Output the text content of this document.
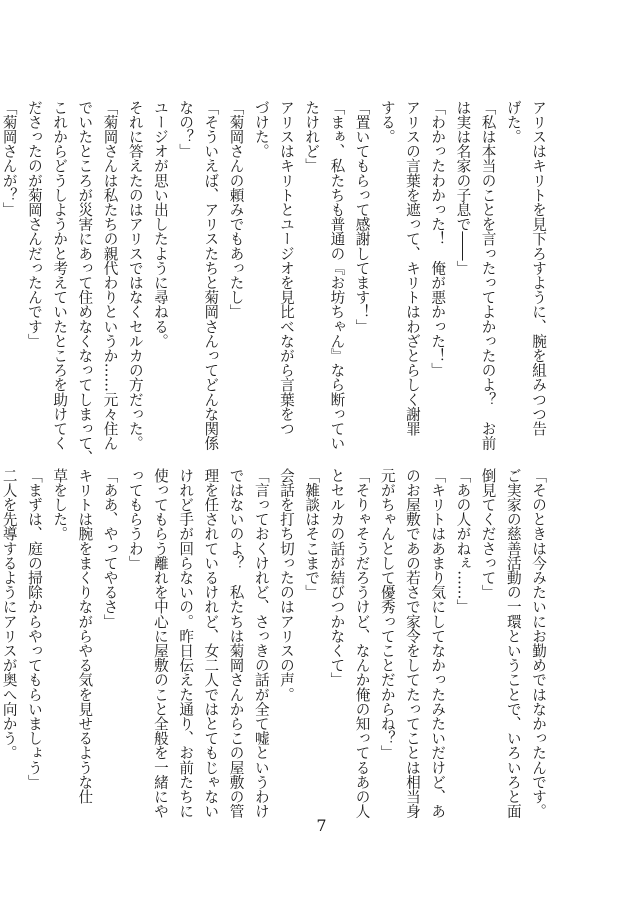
アリスはキリトを見下ろすように、腕を組みつつ告
げた。
「私は本当のことを言ったってよかったのよ？　お前
は実は名家の子息で――」
「わかったわかった！　俺が悪かった！」
アリスの言葉を遮って、キリトはわざとらしく謝罪
する。
「置いてもらって感謝してます！」
「まぁ、私たちも普通の『お坊ちゃん』なら断ってい
たけれど」
アリスはキリトとユージオを見比べながら言葉をつ
づけた。
「菊岡さんの頼みでもあったし」
「そういえば、アリスたちと菊岡さんってどんな関係
なの？」
ユージオが思い出したように尋ねる。
それに答えたのはアリスではなくセルカの方だった。
「菊岡さんは私たちの親代わりというか……元々住ん
でいたところが災害にあって住めなくなってしまって、
これからどうしようかと考えていたところを助けてく
ださったのが菊岡さんだったんです」
「菊岡さんが？」
「そのときは今みたいにお勤めではなかったんです。
ご実家の慈善活動の一環ということで、いろいろと面
倒見てくださって」
「あの人がねぇ……」
「キリトはあまり気にしてなかったみたいだけど、あ
のお屋敷であの若さで家令をしてたってことは相当身
元がちゃんとして優秀ってことだからね？」
「そりゃそうだろうけど、なんか俺の知ってるあの人
とセルカの話が結びつかなくて」
「雑談はそこまで」
会話を打ち切ったのはアリスの声。
「言っておくけれど、さっきの話が全て嘘というわけ
ではないのよ？　私たちは菊岡さんからこの屋敷の管
理を任されているけれど、女二人ではとてもじゃない
けれど手が回らないの。昨日伝えた通り、お前たちに
使ってもらう離れを中心に屋敷のこと全般を一緒にや
ってもらうわ」
「ああ、やってやるさ」
キリトは腕をまくりながらやる気を見せるような仕
草をした。
「まずは、庭の掃除からやってもらいましょう」
二人を先導するようにアリスが奥へ向かう。
7
